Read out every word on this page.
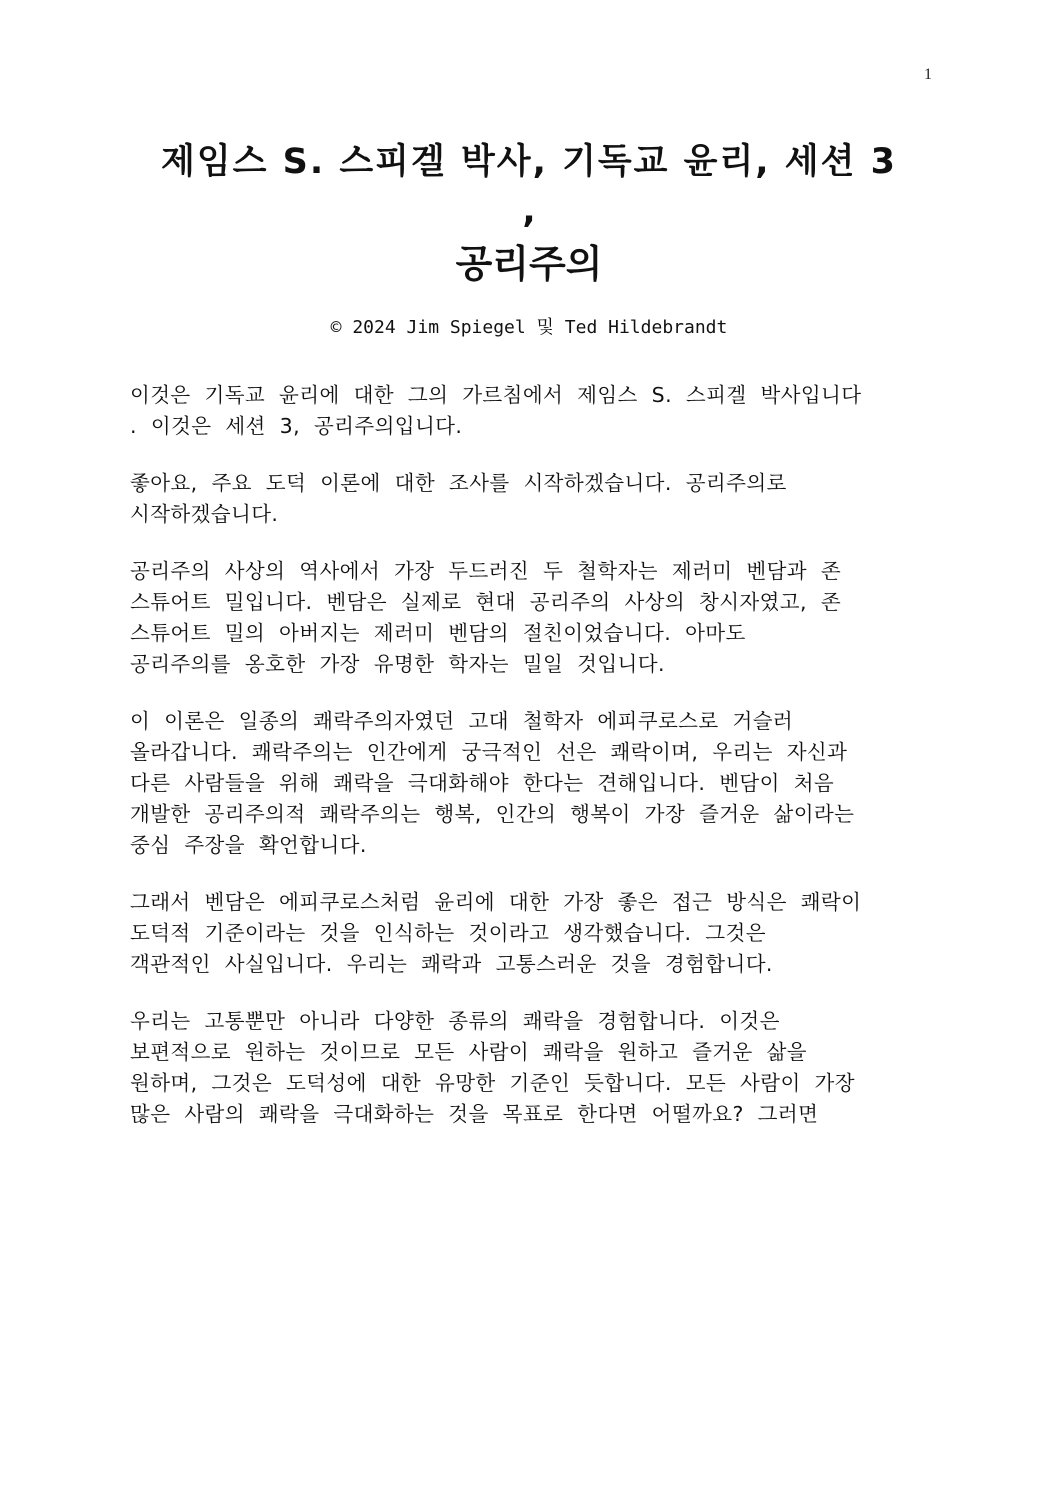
1
제임스 S. 스피겔 박사, 기독교 윤리, 세션 3
,
공리주의
© 2024 Jim Spiegel 및 Ted Hildebrandt

이것은 기독교 윤리에 대한 그의 가르침에서 제임스 S. 스피겔 박사입니다
. 이것은 세션 3, 공리주의입니다.

좋아요, 주요 도덕 이론에 대한 조사를 시작하겠습니다. 공리주의로
시작하겠습니다.

공리주의 사상의 역사에서 가장 두드러진 두 철학자는 제러미 벤담과 존
스튜어트 밀입니다. 벤담은 실제로 현대 공리주의 사상의 창시자였고, 존
스튜어트 밀의 아버지는 제러미 벤담의 절친이었습니다. 아마도
공리주의를 옹호한 가장 유명한 학자는 밀일 것입니다.

이 이론은 일종의 쾌락주의자였던 고대 철학자 에피쿠로스로 거슬러
올라갑니다. 쾌락주의는 인간에게 궁극적인 선은 쾌락이며, 우리는 자신과
다른 사람들을 위해 쾌락을 극대화해야 한다는 견해입니다. 벤담이 처음
개발한 공리주의적 쾌락주의는 행복, 인간의 행복이 가장 즐거운 삶이라는
중심 주장을 확언합니다.

그래서 벤담은 에피쿠로스처럼 윤리에 대한 가장 좋은 접근 방식은 쾌락이
도덕적 기준이라는 것을 인식하는 것이라고 생각했습니다. 그것은
객관적인 사실입니다. 우리는 쾌락과 고통스러운 것을 경험합니다.

우리는 고통뿐만 아니라 다양한 종류의 쾌락을 경험합니다. 이것은
보편적으로 원하는 것이므로 모든 사람이 쾌락을 원하고 즐거운 삶을
원하며, 그것은 도덕성에 대한 유망한 기준인 듯합니다. 모든 사람이 가장
많은 사람의 쾌락을 극대화하는 것을 목표로 한다면 어떨까요? 그러면
